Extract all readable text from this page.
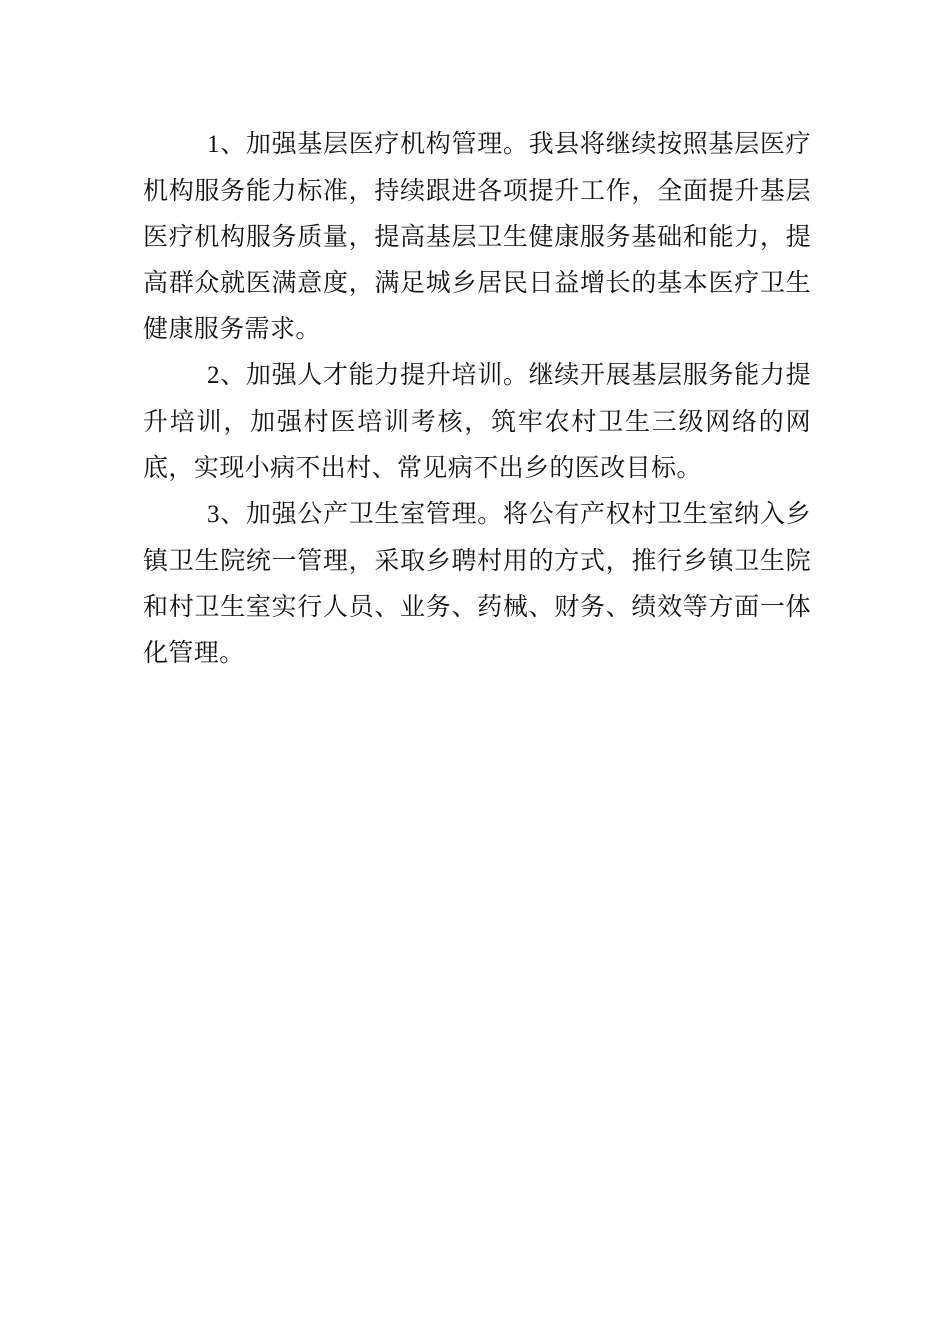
1、加强基层医疗机构管理。我县将继续按照基层医疗机构服务能力标准，持续跟进各项提升工作，全面提升基层医疗机构服务质量，提高基层卫生健康服务基础和能力，提高群众就医满意度，满足城乡居民日益增长的基本医疗卫生健康服务需求。

2、加强人才能力提升培训。继续开展基层服务能力提升培训，加强村医培训考核，筑牢农村卫生三级网络的网底，实现小病不出村、常见病不出乡的医改目标。

3、加强公产卫生室管理。将公有产权村卫生室纳入乡镇卫生院统一管理，采取乡聘村用的方式，推行乡镇卫生院和村卫生室实行人员、业务、药械、财务、绩效等方面一体化管理。
